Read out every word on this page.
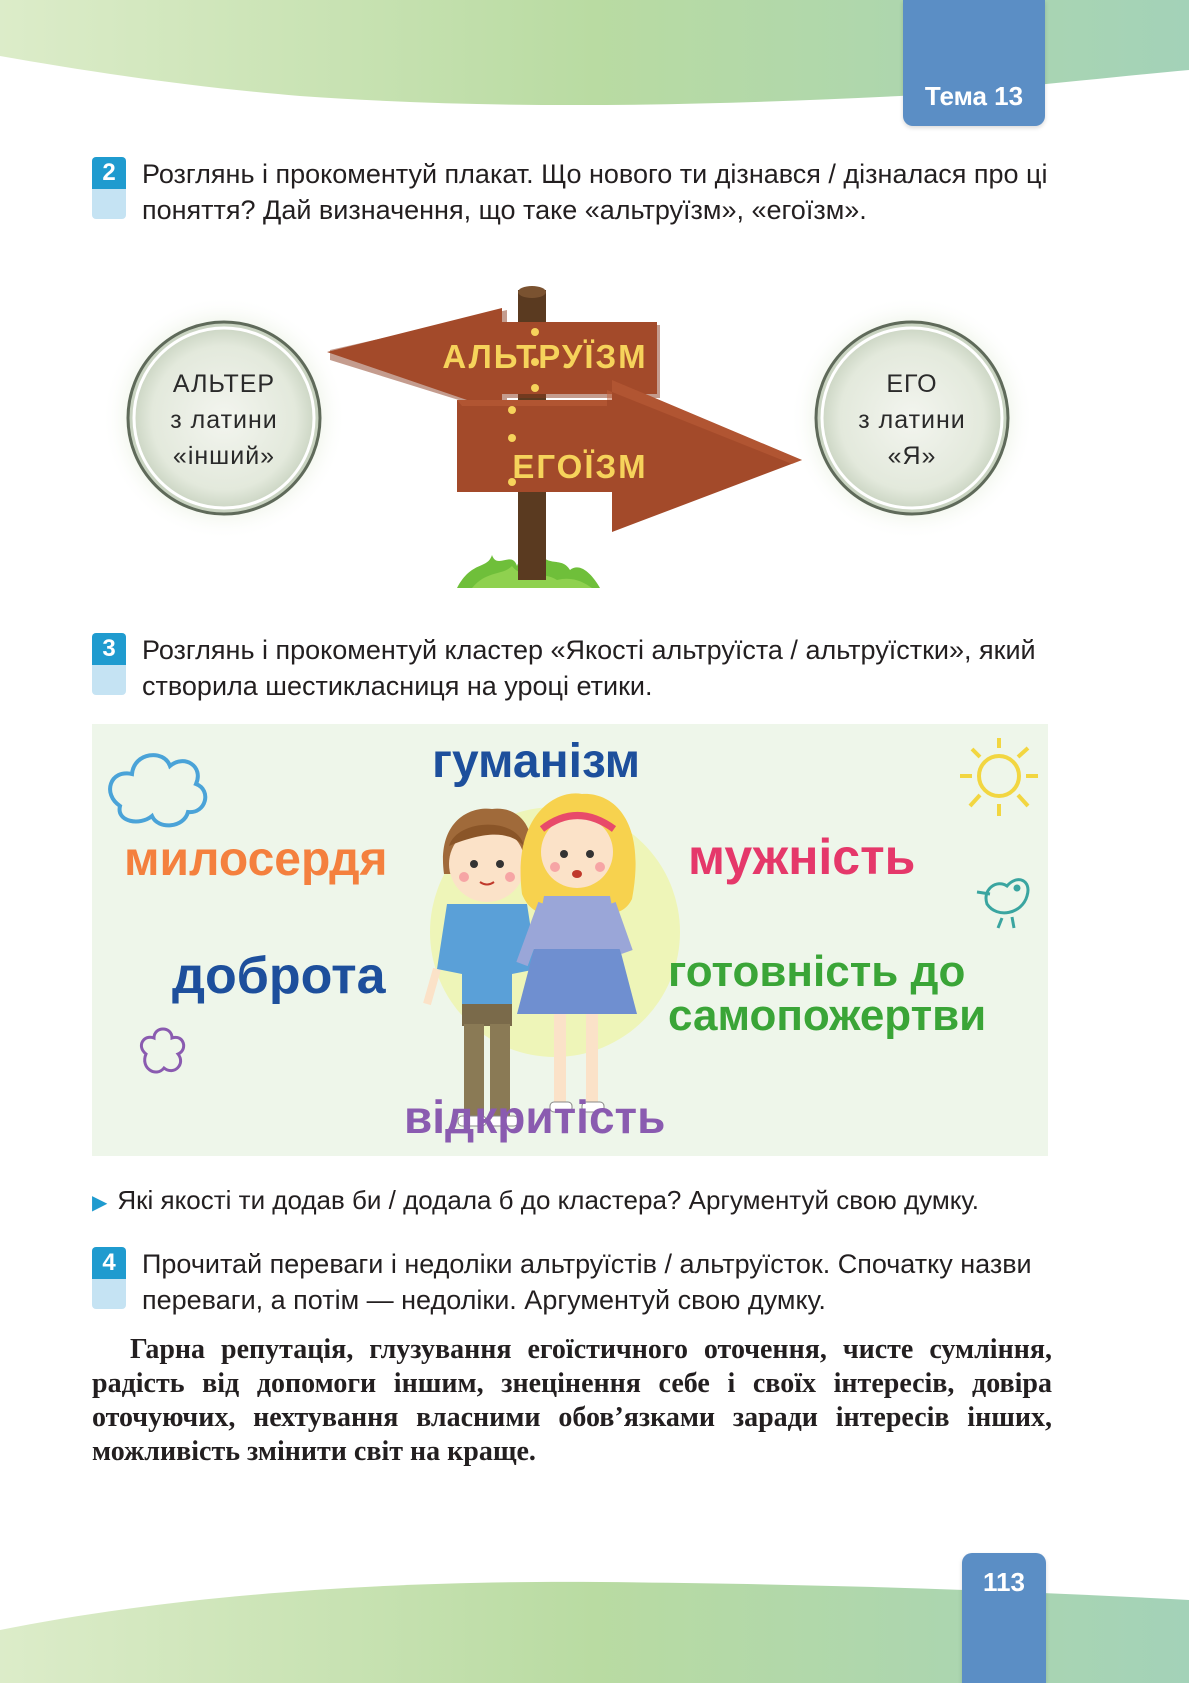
Тема 13
113
2 Розглянь і прокоментуй плакат. Що нового ти дізнався / дізналася про ці поняття? Дай визначення, що таке «альтруїзм», «егоїзм».

АЛЬТЕР
з латини
«інший»
ЕГО
з латини
«Я»
АЛЬТРУЇЗМ
ЕГОЇЗМ
3 Розглянь і прокоментуй кластер «Якості альтруїста / альтруїстки», який створила шестикласниця на уроці етики.

гуманізм
милосердя	мужність
доброта	готовність до
самопожертви
відкритість
▶ Які якості ти додав би / додала б до кластера? Аргументуй свою думку.
4 Прочитай переваги і недоліки альтруїстів / альтруїсток. Спочатку назви переваги, а потім — недоліки. Аргументуй свою думку.

Гарна репутація, глузування егоїстичного оточення, чисте сумління, радість від допомоги іншим, знецінення себе і своїх інтересів, довіра оточуючих, нехтування власними обов’язками заради інтересів інших, можливість змінити світ на краще.
